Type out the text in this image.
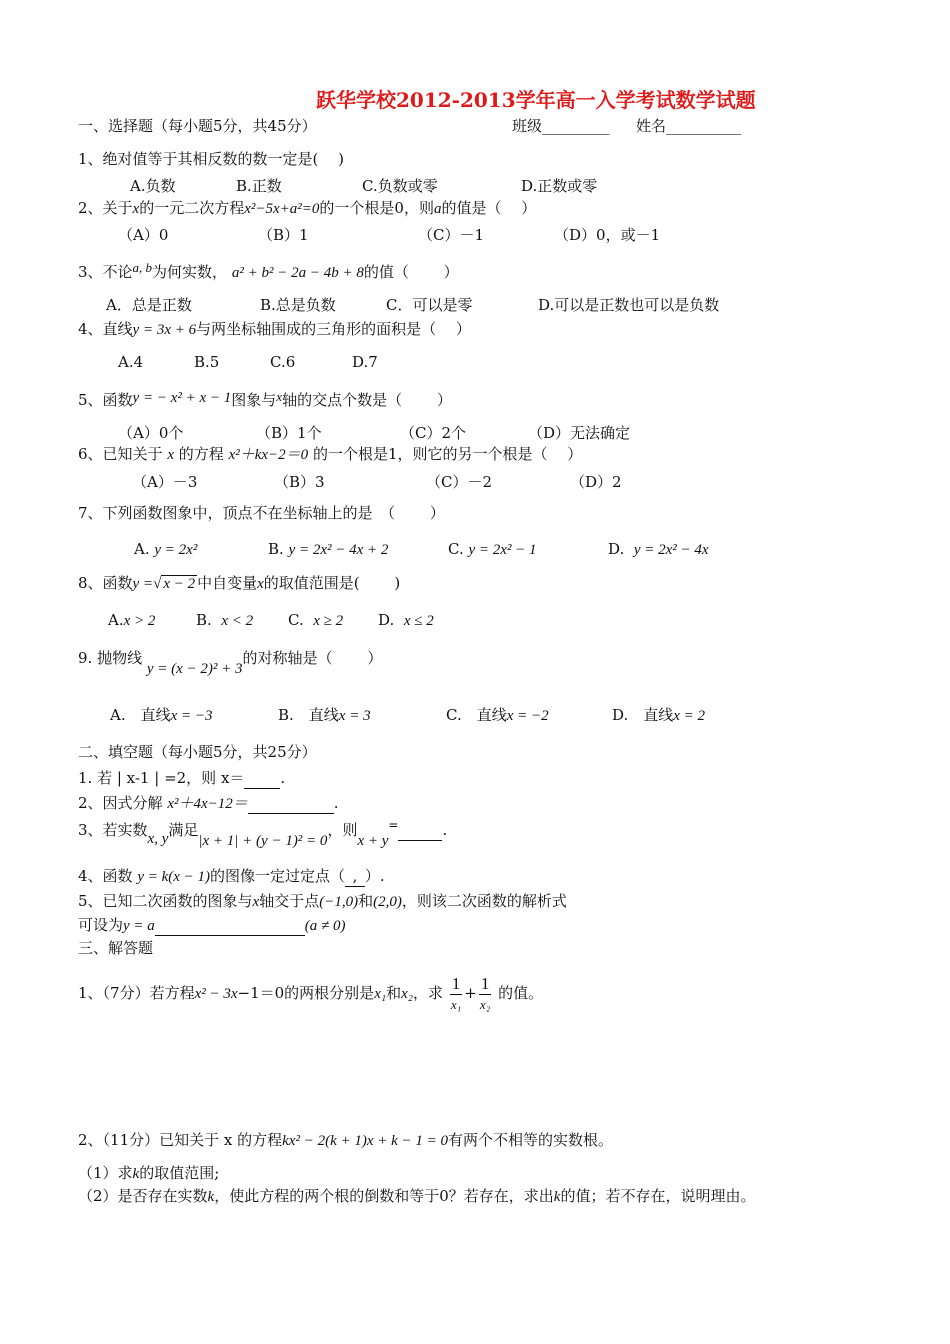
跃华学校2012-2013学年高一入学考试数学试题
一、选择题（每小题5分，共45分）	班级_________ 姓名__________
1、绝对值等于其相反数的数一定是(　 )
A.负数	B.正数	C.负数或零	D.正数或零
2、关于x的一元二次方程x²−5x+a²=0的一个根是0，则a的值是（　 ）
（A）0	（B）1	（C）－1	（D）0，或－1
3、不论a, b为何实数， a² + b² − 2a − 4b + 8的值（　 　）
A．总是正数	B.总是负数	C．可以是零	D.可以是正数也可以是负数
4、直线y = 3x + 6与两坐标轴围成的三角形的面积是（　 ）
A.4	B.5	C.6	D.7
5、函数y = − x² + x − 1图象与x轴的交点个数是（　 　）
（A）0个	（B）1个	（C）2个	（D）无法确定
6、已知关于 x 的方程 x²＋kx−2＝0 的一个根是1，则它的另一个根是（　 ）
（A）－3	（B）3	（C）－2	（D）2
7、下列函数图象中，顶点不在坐标轴上的是　（　 　）
A. y = 2x²	B. y = 2x² − 4x + 2	C. y = 2x² − 1	D. y = 2x² − 4x
8、函数y =√ x − 2 中自变量x的取值范围是(　 　)
A.x > 2	B. x < 2 C. x ≥ 2 D. x ≤ 2
9. 抛物线 y = (x − 2)² + 3的对称轴是（　 　）
A.　直线x = −3	B.　直线x = 3	C.　直线x = −2	D.　直线x = 2
二、填空题（每小题5分，共25分）
1. 若 | x-1 | =2，则 x＝ .
2、因式分解 x²＋4x−12＝	.
3、若实数x, y满足|x + 1| + (y − 1)² = 0，则x + y=	.
4、函数 y = k(x − 1)的图像一定过定点（ , ）.
5、已知二次函数的图象与x轴交于点(−1,0)和(2,0)，则该二次函数的解析式
可设为y = a	(a ≠ 0)
三、解答题
1、（7分）若方程x² − 3x−1＝0的两根分别是x₁和x₂，求 $\frac{1}{\text{x₁}} + \frac{1}{\text{x₂}}$ 的值。
2、（11分）已知关于 x 的方程kx² − 2(k + 1)x + k − 1 = 0有两个不相等的实数根。
（1）求k的取值范围;
（2）是否存在实数k，使此方程的两个根的倒数和等于0？若存在，求出k的值；若不存在，说明理由。
